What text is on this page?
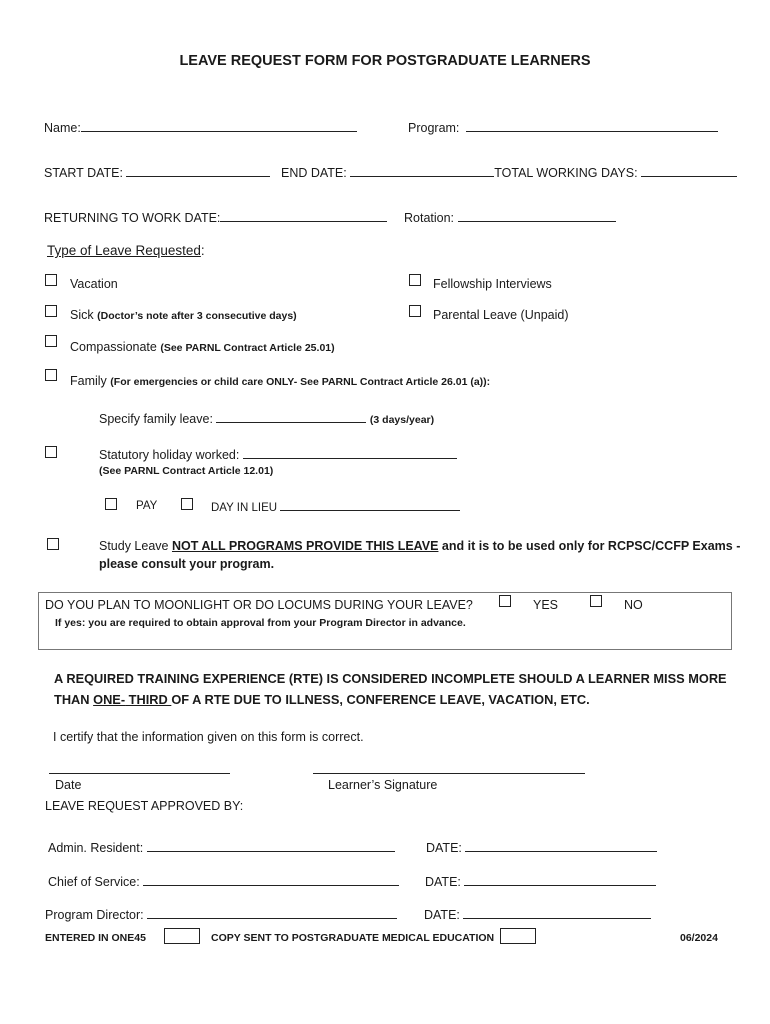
LEAVE REQUEST FORM FOR POSTGRADUATE LEARNERS
Name:	Program:
START DATE:	END DATE:	TOTAL WORKING DAYS:
RETURNING TO WORK DATE:	Rotation:
Type of Leave Requested:
Vacation	Fellowship Interviews
Sick (Doctor’s note after 3 consecutive days)	Parental Leave (Unpaid)
Compassionate (See PARNL Contract Article 25.01)
Family (For emergencies or child care ONLY- See PARNL Contract Article 26.01 (a)):
Specify family leave:	(3 days/year)
Statutory holiday worked:
(See PARNL Contract Article 12.01)
PAY	DAY IN LIEU
Study Leave NOT ALL PROGRAMS PROVIDE THIS LEAVE and it is to be used only for RCPSC/CCFP Exams -
please consult your program.
DO YOU PLAN TO MOONLIGHT OR DO LOCUMS DURING YOUR LEAVE?	YES	NO
If yes: you are required to obtain approval from your Program Director in advance.
A REQUIRED TRAINING EXPERIENCE (RTE) IS CONSIDERED INCOMPLETE SHOULD A LEARNER MISS MORE
THAN ONE- THIRD OF A RTE DUE TO ILLNESS, CONFERENCE LEAVE, VACATION, ETC.
I certify that the information given on this form is correct.
Date	Learner’s Signature
LEAVE REQUEST APPROVED BY:
Admin. Resident:	DATE:
Chief of Service:	DATE:
Program Director:	DATE:
ENTERED IN ONE45	COPY SENT TO POSTGRADUATE MEDICAL EDUCATION	06/2024
